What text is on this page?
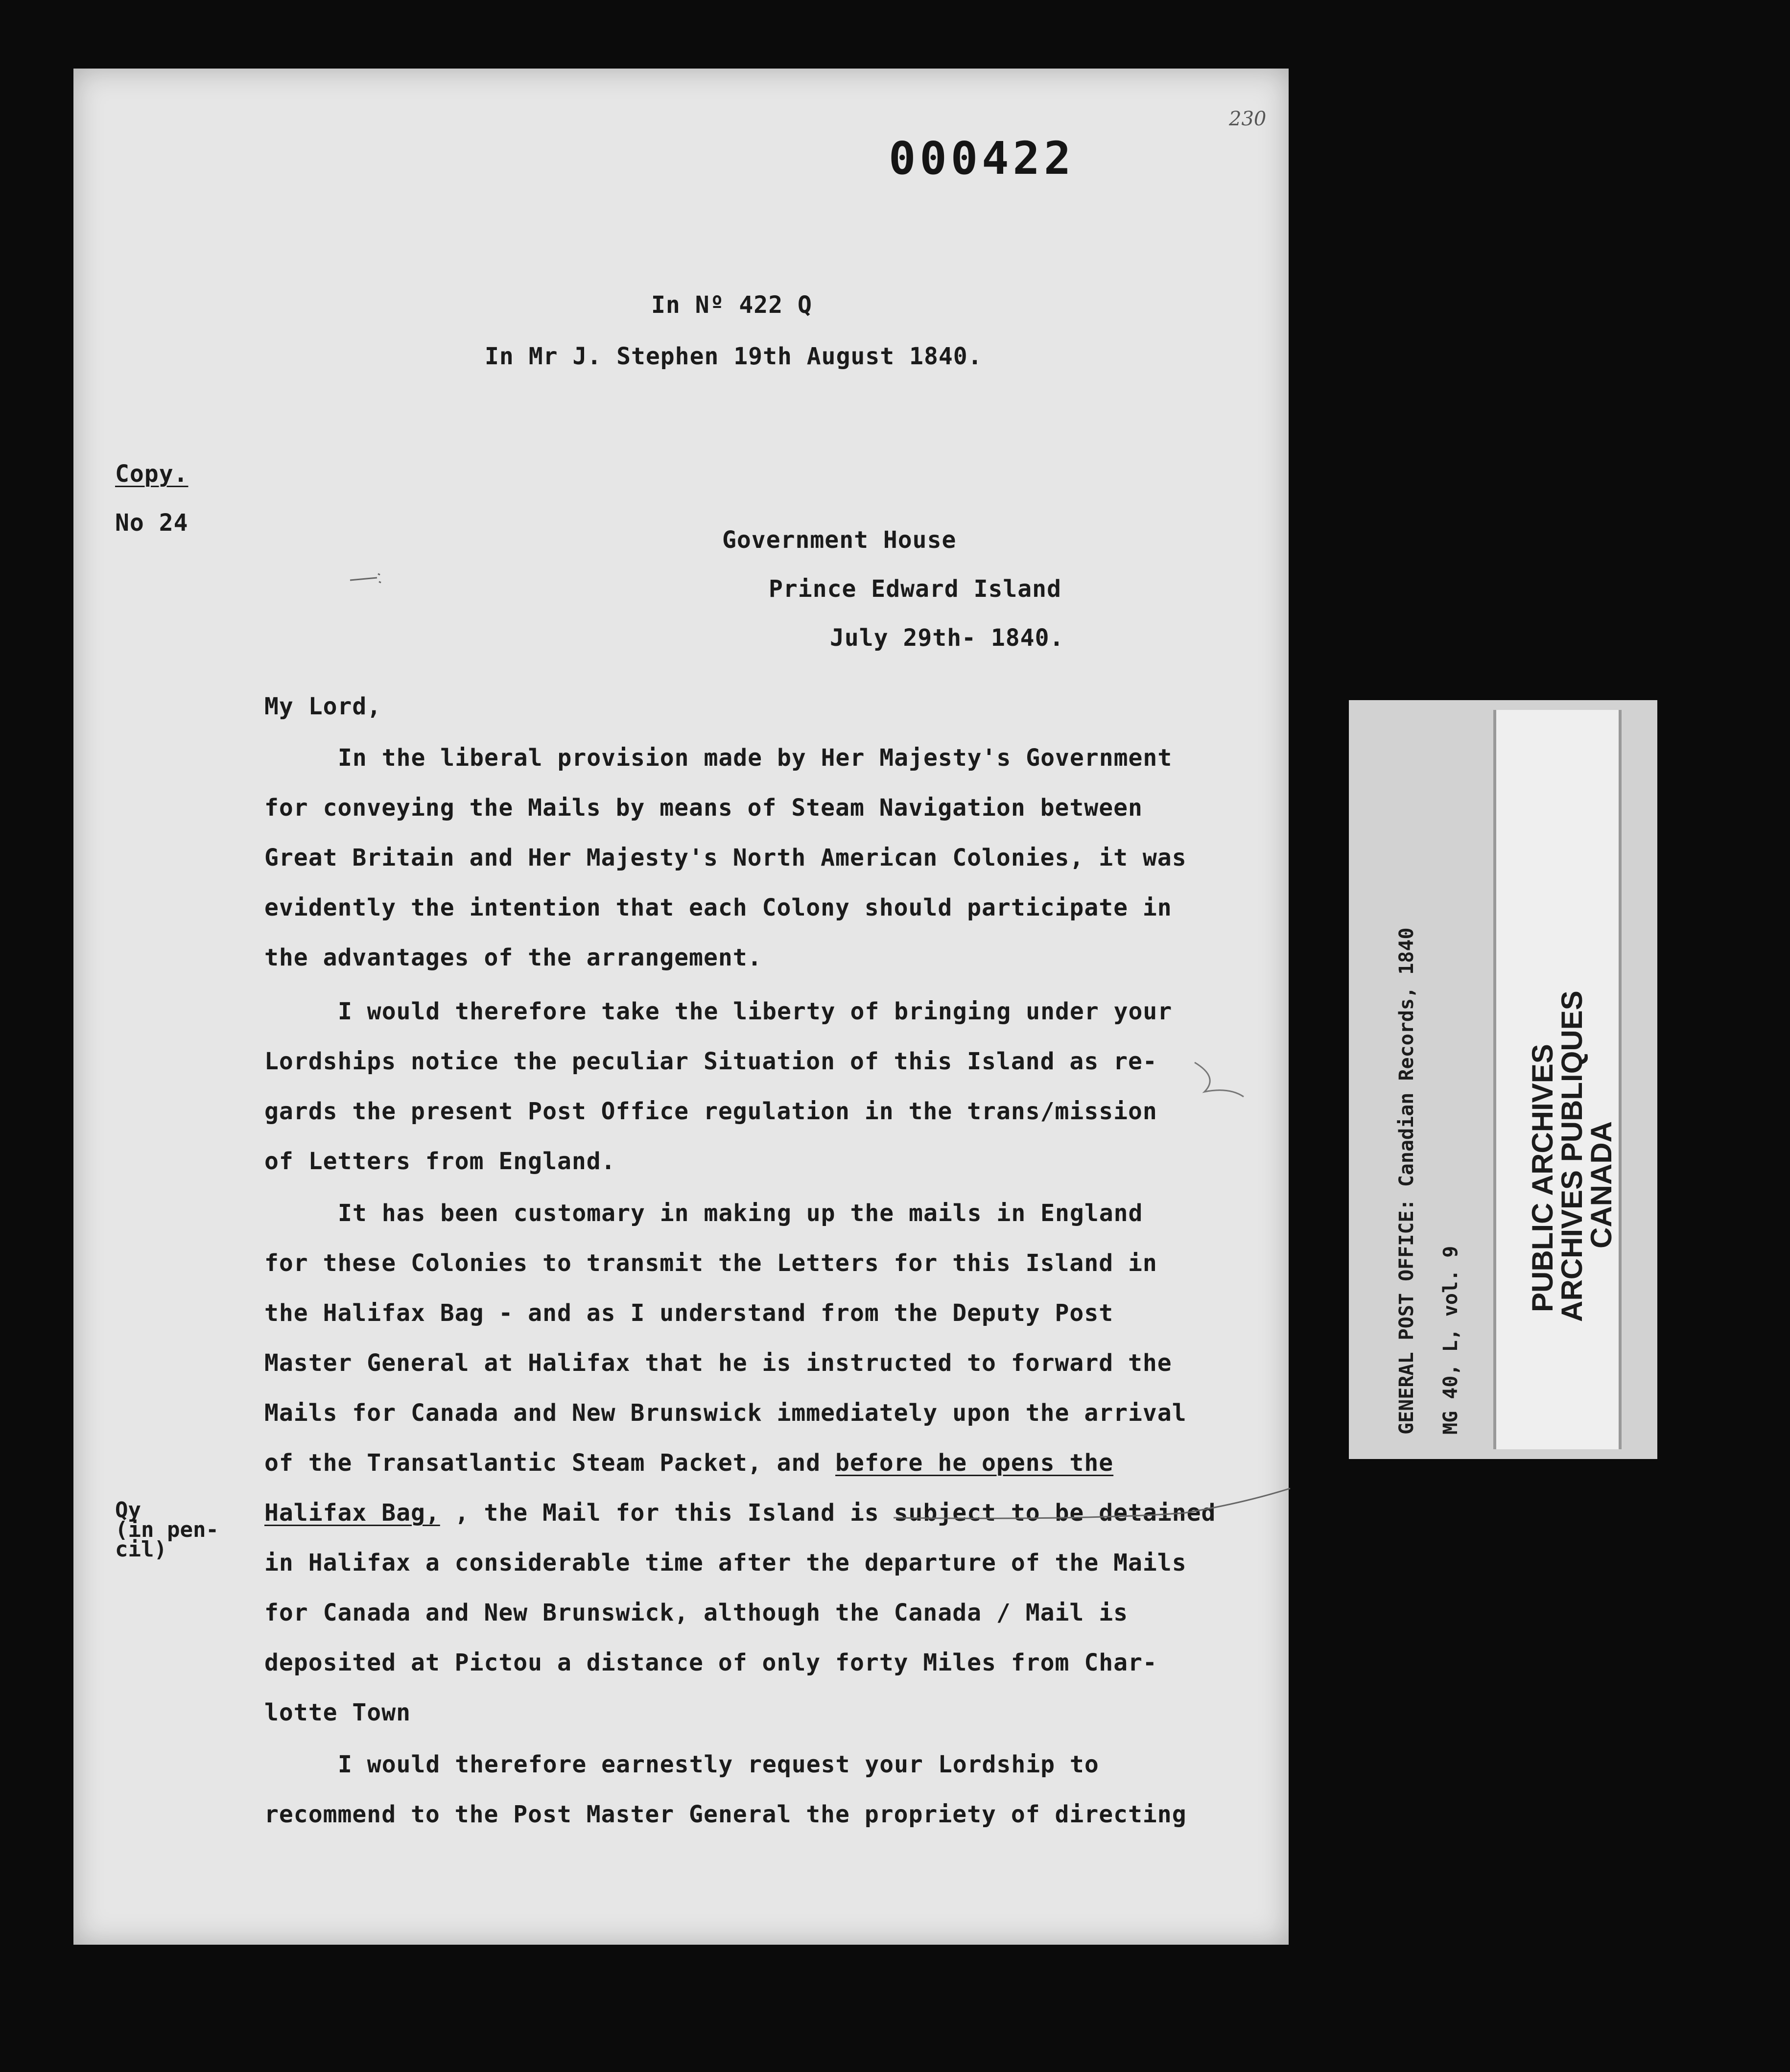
000422
230
In Nº 422 Q
In Mr J. Stephen 19th August 1840.
Copy.
No 24
Government House
Prince Edward Island
July 29th- 1840.
My Lord,
In the liberal provision made by Her Majesty's Government
for conveying the Mails by means of Steam Navigation between
Great Britain and Her Majesty's North American Colonies, it was
evidently the intention that each Colony should participate in
the advantages of the arrangement.
I would therefore take the liberty of bringing under your
Lordships notice the peculiar Situation of this Island as re-
gards the present Post Office regulation in the trans/mission
of Letters from England.
It has been customary in making up the mails in England
for these Colonies to transmit the Letters for this Island in
the Halifax Bag - and as I understand from the Deputy Post
Master General at Halifax that he is instructed to forward the
Mails for Canada and New Brunswick immediately upon the arrival
of the Transatlantic Steam Packet, and before he opens the
Halifax Bag, , the Mail for this Island is subject to be detained
in Halifax a considerable time after the departure of the Mails
for Canada and New Brunswick, although the Canada / Mail is
deposited at Pictou a distance of only forty Miles from Char-
lotte Town
I would therefore earnestly request your Lordship to
recommend to the Post Master General the propriety of directing
Qy
(in pen-
cil)
GENERAL POST OFFICE: Canadian Records, 1840 MG 40, L, vol. 9
PUBLIC ARCHIVES
ARCHIVES PUBLIQUES
CANADA
